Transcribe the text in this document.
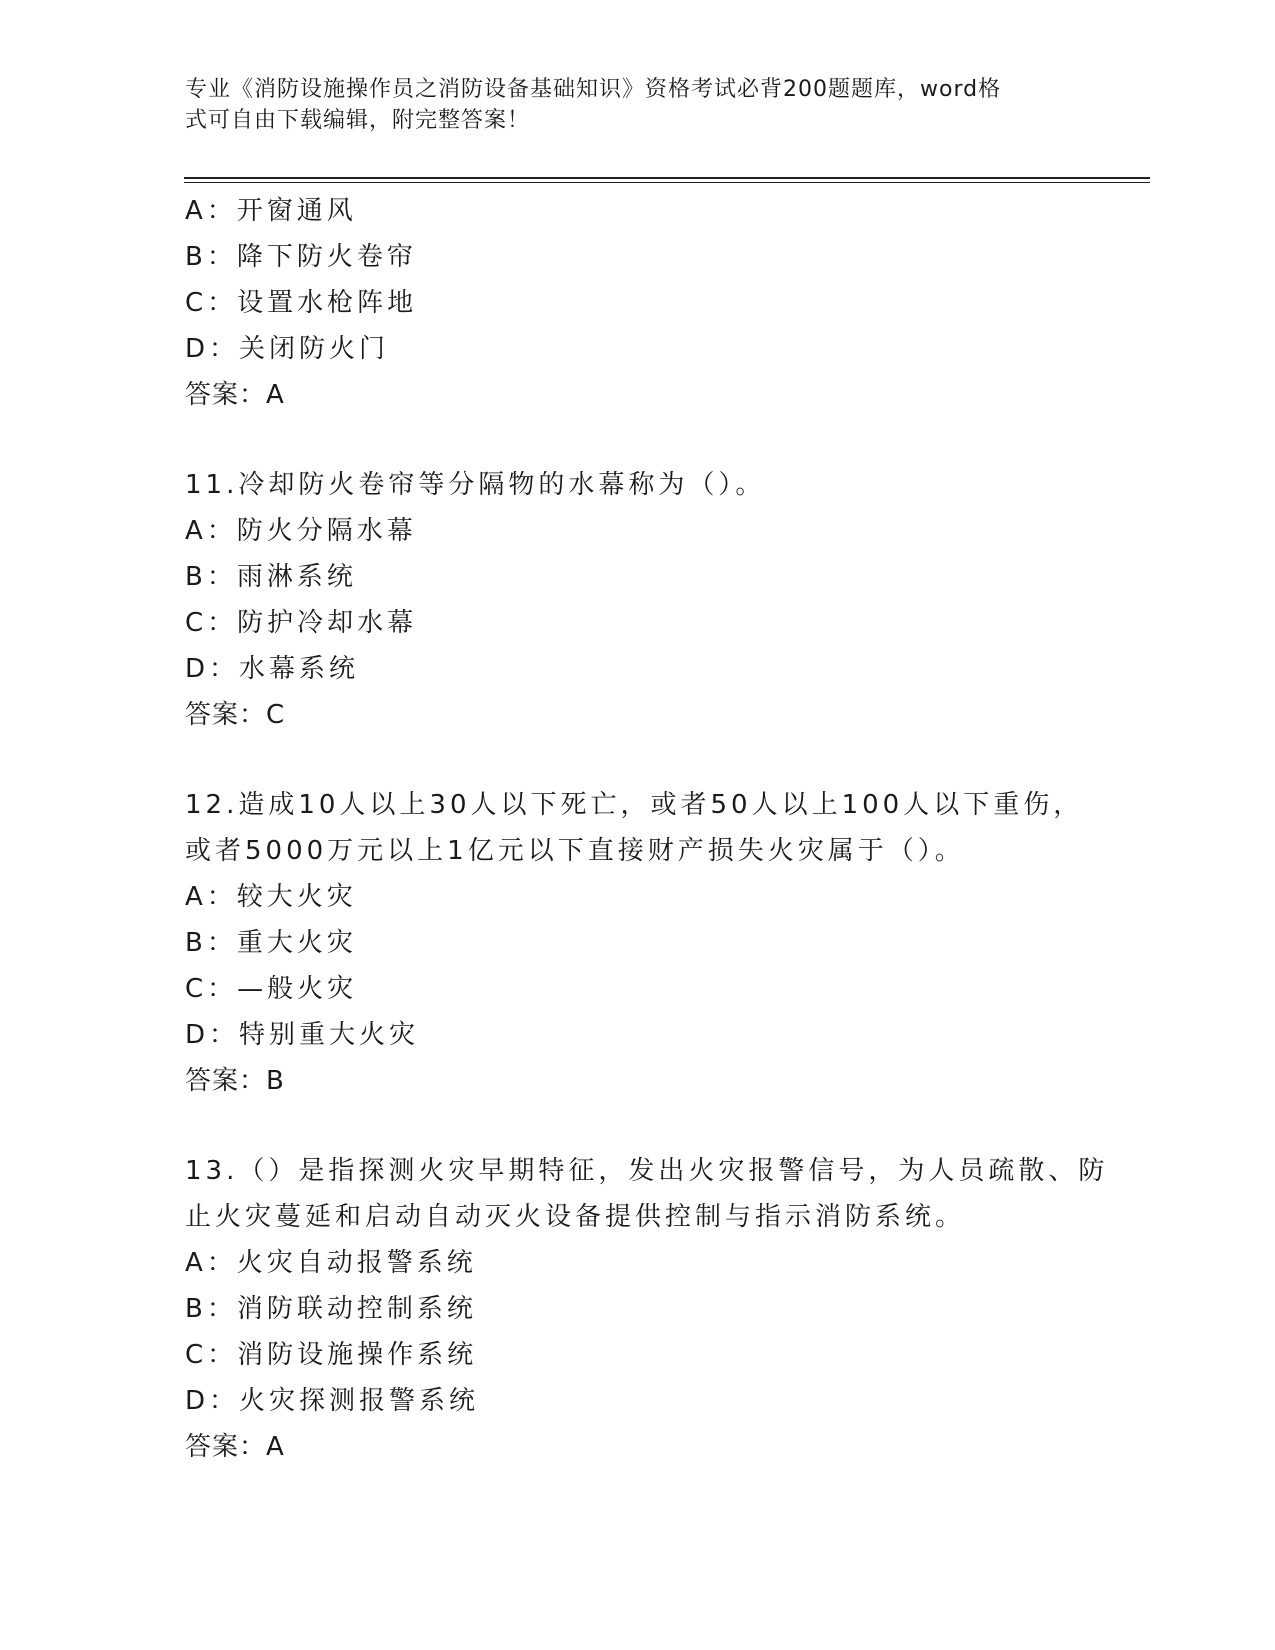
专业《消防设施操作员之消防设备基础知识》资格考试必背200题题库，word格
式可自由下载编辑，附完整答案！
A：开窗通风
B：降下防火卷帘
C：设置水枪阵地
D：关闭防火门
答案：A
11.冷却防火卷帘等分隔物的水幕称为（）。
A：防火分隔水幕
B：雨淋系统
C：防护冷却水幕
D：水幕系统
答案：C
12.造成10人以上30人以下死亡，或者50人以上100人以下重伤，
或者5000万元以上1亿元以下直接财产损失火灾属于（）。
A：较大火灾
B：重大火灾
C：—般火灾
D：特别重大火灾
答案：B
13.（）是指探测火灾早期特征，发出火灾报警信号，为人员疏散、防
止火灾蔓延和启动自动灭火设备提供控制与指示消防系统。
A：火灾自动报警系统
B：消防联动控制系统
C：消防设施操作系统
D：火灾探测报警系统
答案：A
